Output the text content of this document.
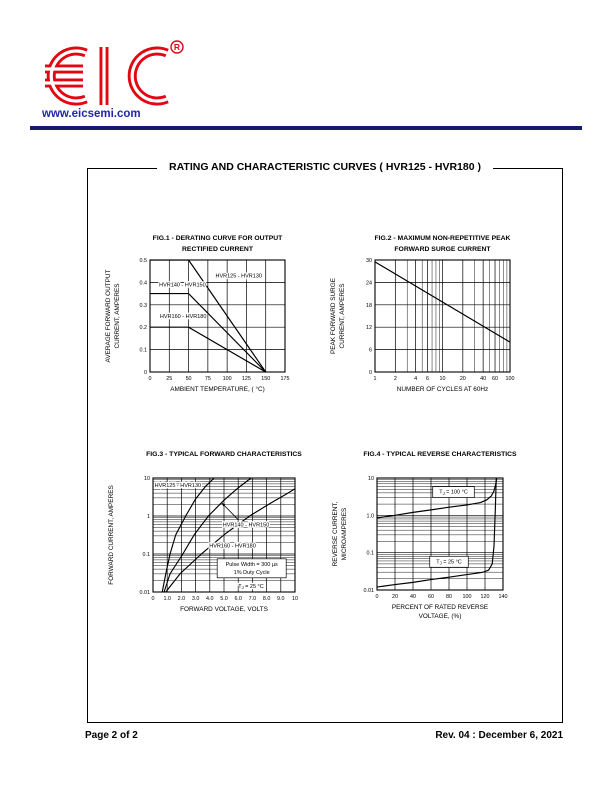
R
www.eicsemi.com
RATING AND CHARACTERISTIC CURVES ( HVR125 - HVR180 )
FIG.1 - DERATING CURVE FOR OUTPUT
RECTIFIED CURRENT
0	25 50 75 100 125 150 175
0
0.1
0.2
0.3
0.4
0.5
AMBIENT TEMPERATURE, ( °C)
AVERAGE FORWARD OUTPUT CURRENT, AMPERES
HVR125 - HVR130
HVR140 - HVR150
HVR160 - HVR180
FIG.2 - MAXIMUM NON-REPETITIVE PEAK
FORWARD SURGE CURRENT
1	2	4 6 10	20	40 60 100
0
6
12
18
24
30
NUMBER OF CYCLES AT 60Hz
PEAK FORWARD SURGE CURRENT, AMPERES
FIG.3 - TYPICAL FORWARD CHARACTERISTICS
0 1.0 2.0 3.0 4.0 5.0 6.0 7.0 8.0 9.0 10
0.01
0.1
1
10
FORWARD VOLTAGE, VOLTS
FORWARD CURRENT, AMPERES	HVR125 - HVR130
HVR140 - HVR150
HVR160 - HVR180
Pulse Width = 300 µs
1% Duty Cycle
$T_J = 25$ °C
FIG.4 - TYPICAL REVERSE CHARACTERISTICS
0	20 40 60 80 100 120 140
0.01
0.1
1.0
10
PERCENT OF RATED REVERSE
VOLTAGE, (%)
REVERSE CURRENT, MICROAMPERES
$T_J = 100$ °C
$T_J = 25$ °C
Page 2 of 2	Rev. 04 : December 6, 2021
